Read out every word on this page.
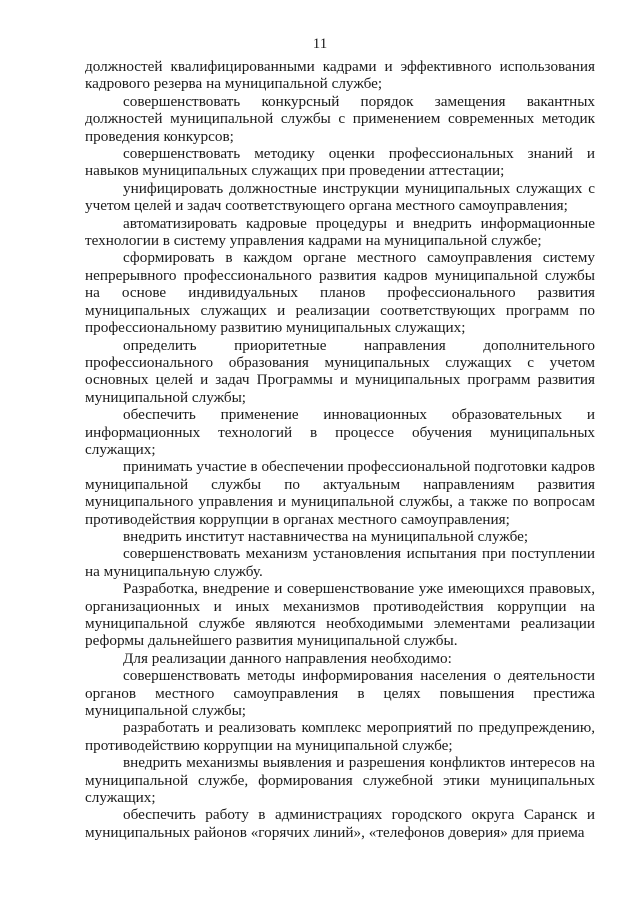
11

должностей квалифицированными кадрами и эффективного использования кадрового резерва на муниципальной службе;

совершенствовать конкурсный порядок замещения вакантных должностей муниципальной службы с применением современных методик проведения конкурсов;

совершенствовать методику оценки профессиональных знаний и навыков муниципальных служащих при проведении аттестации;

унифицировать должностные инструкции муниципальных служащих с учетом целей и задач соответствующего органа местного самоуправления;

автоматизировать кадровые процедуры и внедрить информационные технологии в систему управления кадрами на муниципальной службе;

сформировать в каждом органе местного самоуправления систему непрерывного профессионального развития кадров муниципальной службы на основе индивидуальных планов профессионального развития муниципальных служащих и реализации соответствующих программ по профессиональному развитию муниципальных служащих;

определить приоритетные направления дополнительного профессионального образования муниципальных служащих с учетом основных целей и задач Программы и муниципальных программ развития муниципальной службы;

обеспечить применение инновационных образовательных и информационных технологий в процессе обучения муниципальных служащих;

принимать участие в обеспечении профессиональной подготовки кадров муниципальной службы по актуальным направлениям развития муниципального управления и муниципальной службы, а также по вопросам противодействия коррупции в органах местного самоуправления;

внедрить институт наставничества на муниципальной службе;

совершенствовать механизм установления испытания при поступлении на муниципальную службу.

Разработка, внедрение и совершенствование уже имеющихся правовых, организационных и иных механизмов противодействия коррупции на муниципальной службе являются необходимыми элементами реализации реформы дальнейшего развития муниципальной службы.

Для реализации данного направления необходимо:

совершенствовать методы информирования населения о деятельности органов местного самоуправления в целях повышения престижа муниципальной службы;

разработать и реализовать комплекс мероприятий по предупреждению, противодействию коррупции на муниципальной службе;

внедрить механизмы выявления и разрешения конфликтов интересов на муниципальной службе, формирования служебной этики муниципальных служащих;

обеспечить работу в администрациях городского округа Саранск и муниципальных районов «горячих линий», «телефонов доверия» для приема
